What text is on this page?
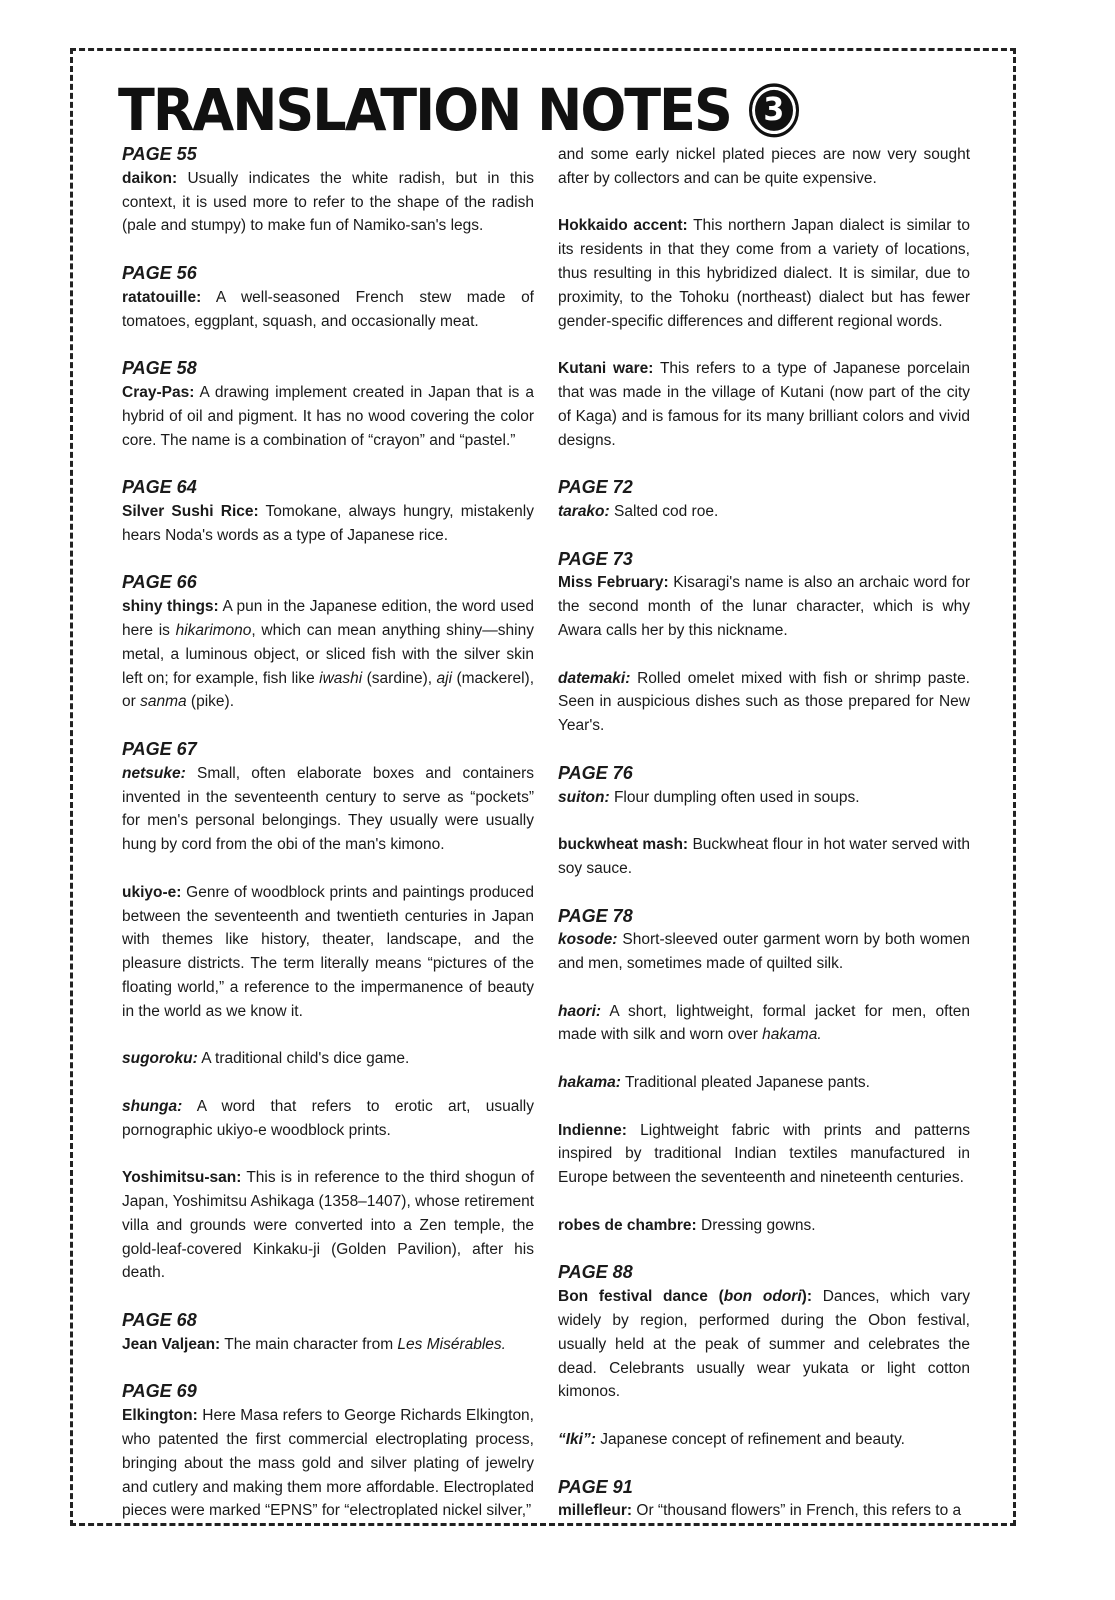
TRANSLATION NOTES	3
PAGE 55
daikon: Usually indicates the white radish, but in this context, it is used more to refer to the shape of the radish (pale and stumpy) to make fun of Namiko-san's legs.
PAGE 56
ratatouille: A well-seasoned French stew made of tomatoes, eggplant, squash, and occasionally meat.
PAGE 58
Cray-Pas: A drawing implement created in Japan that is a hybrid of oil and pigment. It has no wood covering the color core. The name is a combination of “crayon” and “pastel.”
PAGE 64
Silver Sushi Rice: Tomokane, always hungry, mistakenly hears Noda's words as a type of Japanese rice.
PAGE 66
shiny things: A pun in the Japanese edition, the word used here is hikarimono, which can mean anything shiny—shiny metal, a luminous object, or sliced fish with the silver skin left on; for example, fish like iwashi (sardine), aji (mackerel), or sanma (pike).
PAGE 67
netsuke: Small, often elaborate boxes and containers invented in the seventeenth century to serve as “pockets” for men's personal belongings. They usually were usually hung by cord from the obi of the man's kimono.
ukiyo-e: Genre of woodblock prints and paintings produced between the seventeenth and twentieth centuries in Japan with themes like history, theater, landscape, and the pleasure districts. The term literally means “pictures of the floating world,” a reference to the impermanence of beauty in the world as we know it.
sugoroku: A traditional child's dice game.
shunga: A word that refers to erotic art, usually pornographic ukiyo-e woodblock prints.
Yoshimitsu-san: This is in reference to the third shogun of Japan, Yoshimitsu Ashikaga (1358–1407), whose retirement villa and grounds were converted into a Zen temple, the gold-leaf-covered Kinkaku-ji (Golden Pavilion), after his death.
PAGE 68
Jean Valjean: The main character from Les Misérables.
PAGE 69
Elkington: Here Masa refers to George Richards Elkington, who patented the first commercial electroplating process, bringing about the mass gold and silver plating of jewelry and cutlery and making them more affordable. Electroplated pieces were marked “EPNS” for “electroplated nickel silver,”
and some early nickel plated pieces are now very sought after by collectors and can be quite expensive.
Hokkaido accent: This northern Japan dialect is similar to its residents in that they come from a variety of locations, thus resulting in this hybridized dialect. It is similar, due to proximity, to the Tohoku (northeast) dialect but has fewer gender-specific differences and different regional words.
Kutani ware: This refers to a type of Japanese porcelain that was made in the village of Kutani (now part of the city of Kaga) and is famous for its many brilliant colors and vivid designs.
PAGE 72
tarako: Salted cod roe.
PAGE 73
Miss February: Kisaragi's name is also an archaic word for the second month of the lunar character, which is why Awara calls her by this nickname.
datemaki: Rolled omelet mixed with fish or shrimp paste. Seen in auspicious dishes such as those prepared for New Year's.
PAGE 76
suiton: Flour dumpling often used in soups.
buckwheat mash: Buckwheat flour in hot water served with soy sauce.
PAGE 78
kosode: Short-sleeved outer garment worn by both women and men, sometimes made of quilted silk.
haori: A short, lightweight, formal jacket for men, often made with silk and worn over hakama.
hakama: Traditional pleated Japanese pants.
Indienne: Lightweight fabric with prints and patterns inspired by traditional Indian textiles manufactured in Europe between the seventeenth and nineteenth centuries.
robes de chambre: Dressing gowns.
PAGE 88
Bon festival dance (bon odori): Dances, which vary widely by region, performed during the Obon festival, usually held at the peak of summer and celebrates the dead. Celebrants usually wear yukata or light cotton kimonos.
“Iki”: Japanese concept of refinement and beauty.
PAGE 91
millefleur: Or “thousand flowers” in French, this refers to a
